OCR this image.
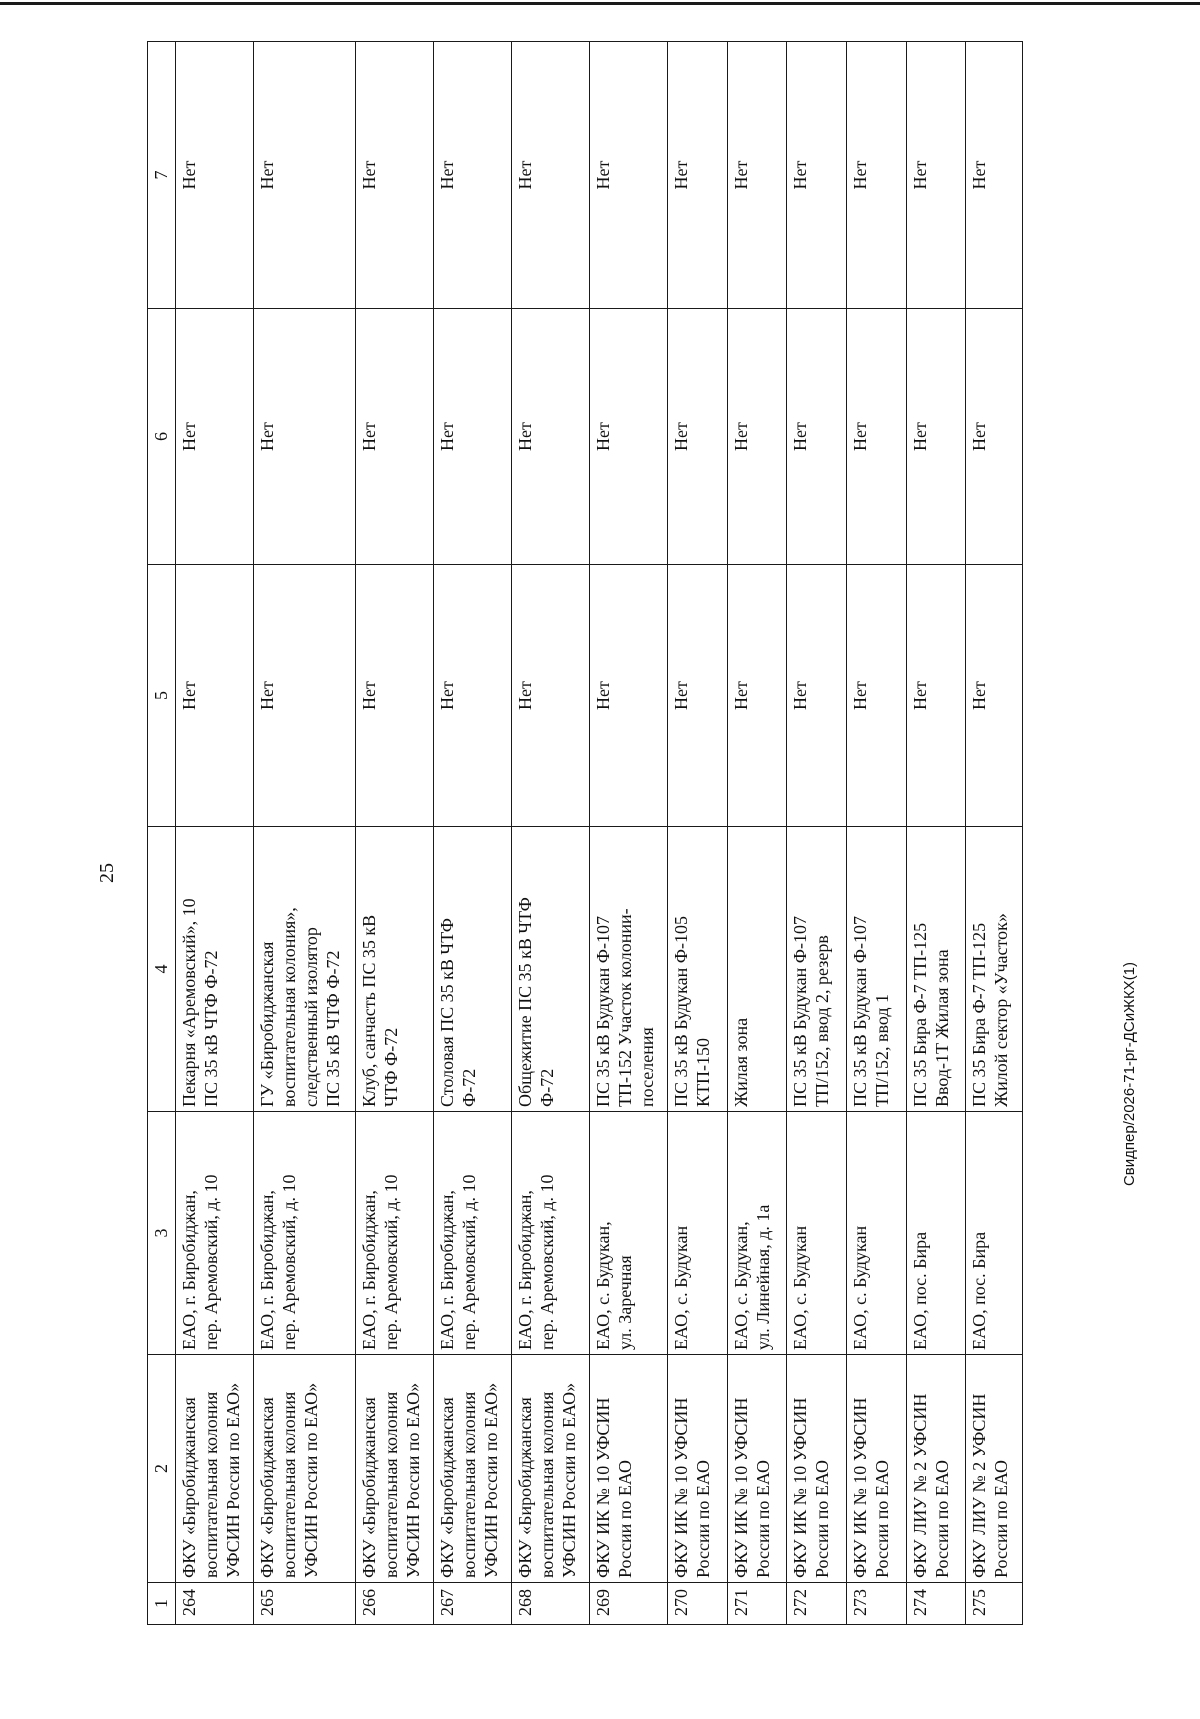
25
1	2	3	4	5	6	7
264	ФКУ «Биробиджанская воспитательная колония УФСИН России по ЕАО»	ЕАО, г. Биробиджан, пер. Аремовский, д. 10	Пекарня «Аремовский», 10 ПС 35 кВ ЧТФ Ф-72	Нет	Нет	Нет
265	ФКУ «Биробиджанская воспитательная колония УФСИН России по ЕАО»	ЕАО, г. Биробиджан, пер. Аремовский, д. 10	ГУ «Биробиджанская воспитательная колония», следственный изолятор ПС 35 кВ ЧТФ Ф-72	Нет	Нет	Нет
266	ФКУ «Биробиджанская воспитательная колония УФСИН России по ЕАО»	ЕАО, г. Биробиджан, пер. Аремовский, д. 10	Клуб, санчасть ПС 35 кВ ЧТФ Ф-72	Нет	Нет	Нет
267	ФКУ «Биробиджанская воспитательная колония УФСИН России по ЕАО»	ЕАО, г. Биробиджан, пер. Аремовский, д. 10	Столовая ПС 35 кВ ЧТФ Ф-72	Нет	Нет	Нет
268	ФКУ «Биробиджанская воспитательная колония УФСИН России по ЕАО»	ЕАО, г. Биробиджан, пер. Аремовский, д. 10	Общежитие ПС 35 кВ ЧТФ Ф-72	Нет	Нет	Нет
269	ФКУ ИК № 10 УФСИН России по ЕАО	ЕАО, с. Будукан, ул. Заречная	ПС 35 кВ Будукан Ф-107 ТП-152 Участок колонии- поселения	Нет	Нет	Нет
270	ФКУ ИК № 10 УФСИН России по ЕАО	ЕАО, с. Будукан	ПС 35 кВ Будукан Ф-105 КТП-150	Нет	Нет	Нет
271	ФКУ ИК № 10 УФСИН России по ЕАО	ЕАО, с. Будукан, ул. Линейная, д. 1а	Жилая зона	Нет	Нет	Нет
272	ФКУ ИК № 10 УФСИН России по ЕАО	ЕАО, с. Будукан	ПС 35 кВ Будукан Ф-107 ТП/152, ввод 2, резерв	Нет	Нет	Нет
273	ФКУ ИК № 10 УФСИН России по ЕАО	ЕАО, с. Будукан	ПС 35 кВ Будукан Ф-107 ТП/152, ввод 1	Нет	Нет	Нет
274	ФКУ ЛИУ № 2 УФСИН России по ЕАО	ЕАО, пос. Бира	ПС 35 Бира Ф-7 ТП-125 Ввод-1Т Жилая зона	Нет	Нет	Нет
275	ФКУ ЛИУ № 2 УФСИН России по ЕАО	ЕАО, пос. Бира	ПС 35 Бира Ф-7 ТП-125 Жилой сектор «Участок»	Нет	Нет	Нет
Свидпер/2026-71-рг-ДСиЖКХ(1)
